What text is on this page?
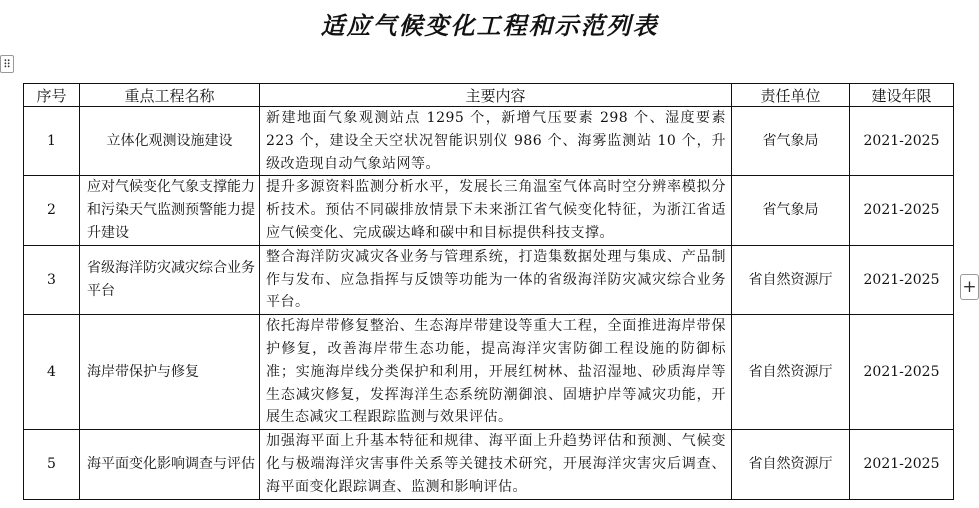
适应气候变化工程和示范列表
⠿
+
序号	重点工程名称	主要内容	责任单位	建设年限
1	立体化观测设施建设	新建地面气象观测站点 1295 个，新增气压要素 298 个、湿度要素 223 个，建设全天空状况智能识别仪 986 个、海雾监测站 10 个，升级改造现自动气象站网等。	省气象局	2021-2025
2	应对气候变化气象支撑能力和污染天气监测预警能力提升建设	提升多源资料监测分析水平，发展长三角温室气体高时空分辨率模拟分析技术。预估不同碳排放情景下未来浙江省气候变化特征，为浙江省适应气候变化、完成碳达峰和碳中和目标提供科技支撑。	省气象局	2021-2025
3	省级海洋防灾减灾综合业务平台	整合海洋防灾减灾各业务与管理系统，打造集数据处理与集成、产品制作与发布、应急指挥与反馈等功能为一体的省级海洋防灾减灾综合业务平台。	省自然资源厅	2021-2025
4	海岸带保护与修复	依托海岸带修复整治、生态海岸带建设等重大工程，全面推进海岸带保护修复，改善海岸带生态功能，提高海洋灾害防御工程设施的防御标准；实施海岸线分类保护和利用，开展红树林、盐沼湿地、砂质海岸等生态减灾修复，发挥海洋生态系统防潮御浪、固塘护岸等减灾功能，开展生态减灾工程跟踪监测与效果评估。	省自然资源厅	2021-2025
5	海平面变化影响调查与评估	加强海平面上升基本特征和规律、海平面上升趋势评估和预测、气候变化与极端海洋灾害事件关系等关键技术研究，开展海洋灾害灾后调查、海平面变化跟踪调查、监测和影响评估。	省自然资源厅	2021-2025
